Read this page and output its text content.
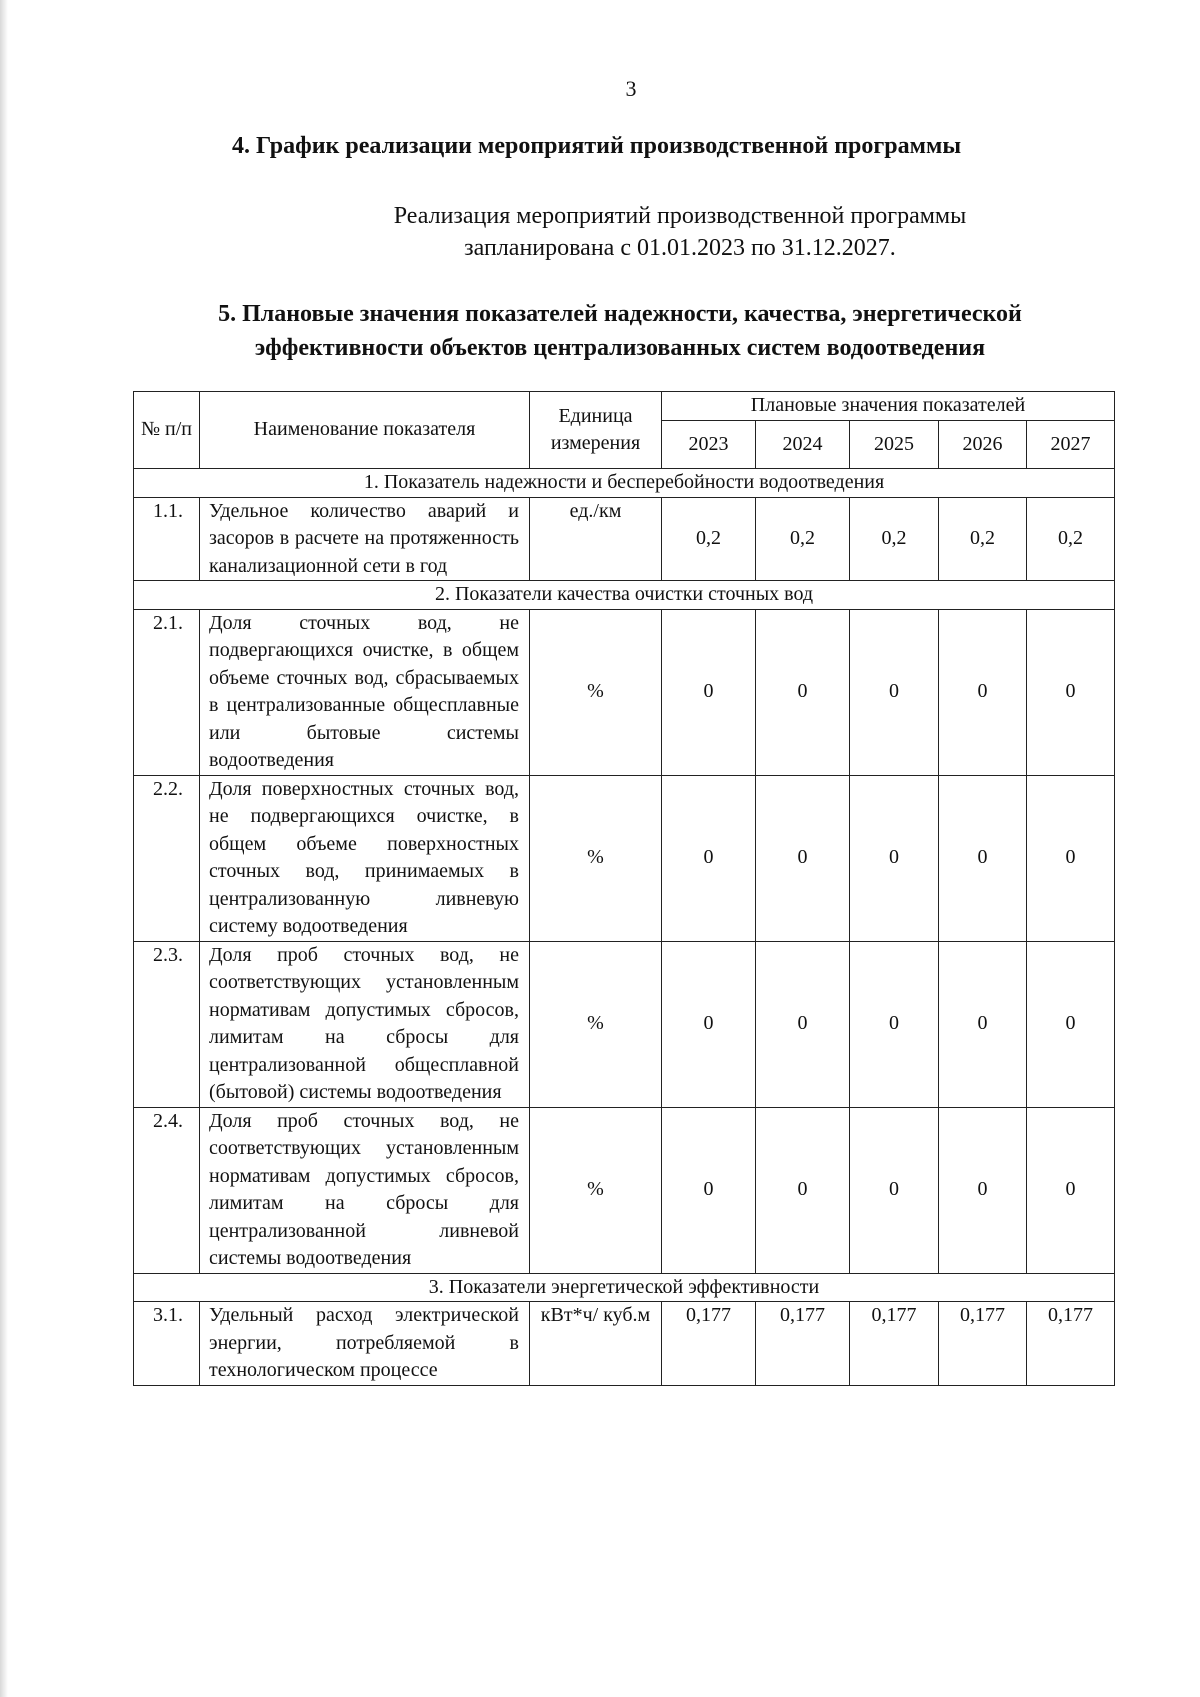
3
4. График реализации мероприятий производственной программы
Реализация мероприятий производственной программы
запланирована с 01.01.2023 по 31.12.2027.
5. Плановые значения показателей надежности, качества, энергетической
эффективности объектов централизованных систем водоотведения
№ п/п	Наименование показателя	Единица измерения	Плановые значения показателей				
			2023	2024	2025	2026	2027
1. Показатель надежности и бесперебойности водоотведения							
1.1.	Удельное количество аварий и засоров в расчете на протяженность канализационной сети в год	ед./км	0,2	0,2	0,2	0,2	0,2
2. Показатели качества очистки сточных вод							
2.1.	Доля сточных вод, не подвергающихся очистке, в общем объеме сточных вод, сбрасываемых в централизованные общесплавные или бытовые системы водоотведения	%	0	0	0	0	0
2.2.	Доля поверхностных сточных вод, не подвергающихся очистке, в общем объеме поверхностных сточных вод, принимаемых в централизованную ливневую систему водоотведения	%	0	0	0	0	0
2.3.	Доля проб сточных вод, не соответствующих установленным нормативам допустимых сбросов, лимитам на сбросы для централизованной общесплавной (бытовой) системы водоотведения	%	0	0	0	0	0
2.4.	Доля проб сточных вод, не соответствующих установленным нормативам допустимых сбросов, лимитам на сбросы для централизованной ливневой системы водоотведения	%	0	0	0	0	0
3. Показатели энергетической эффективности							
3.1.	Удельный расход электрической энергии, потребляемой в технологическом процессе	кВт*ч/ куб.м	0,177	0,177	0,177	0,177	0,177
